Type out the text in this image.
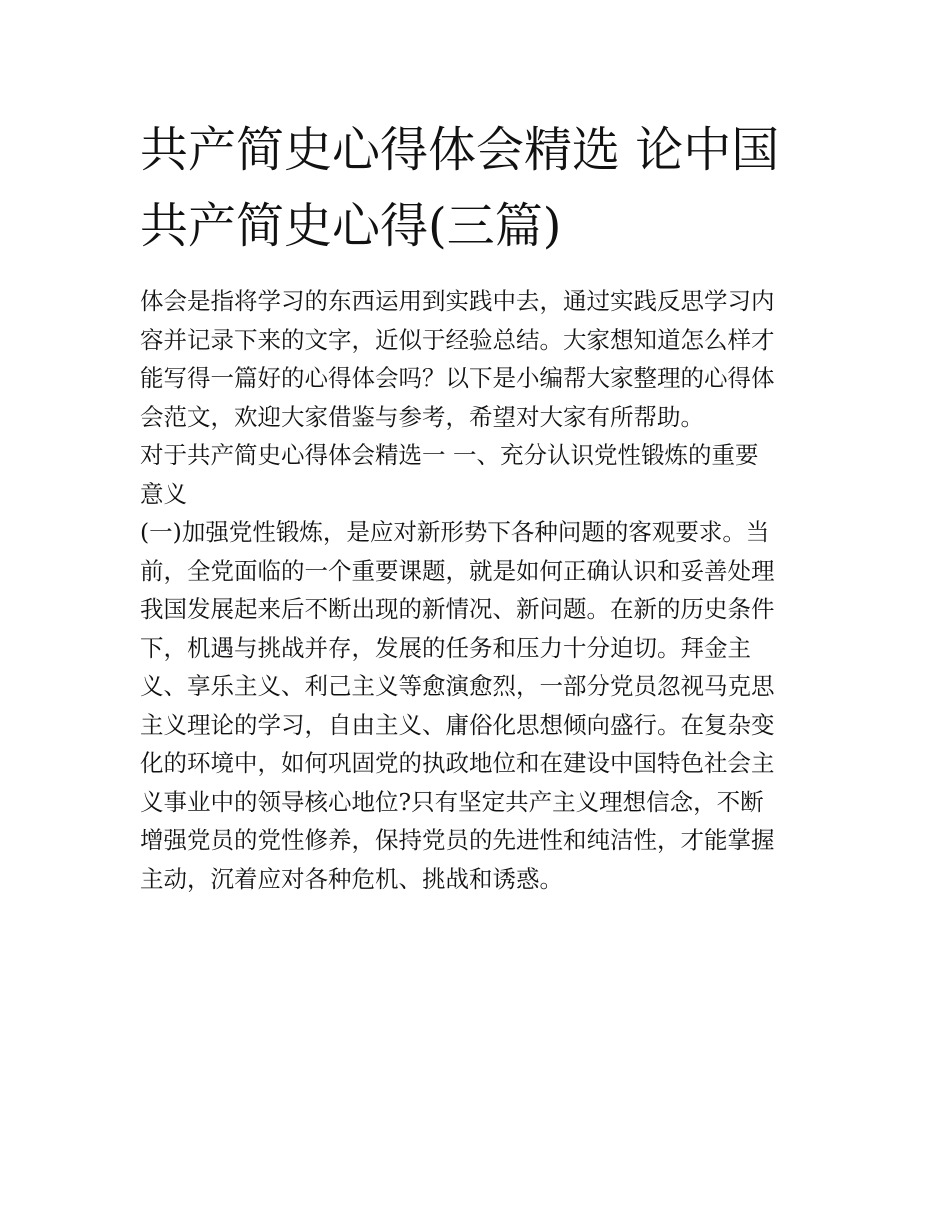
共产简史心得体会精选 论中国
共产简史心得(三篇)

体会是指将学习的东西运用到实践中去，通过实践反思学习内
容并记录下来的文字，近似于经验总结。大家想知道怎么样才
能写得一篇好的心得体会吗？以下是小编帮大家整理的心得体
会范文，欢迎大家借鉴与参考，希望对大家有所帮助。

对于共产简史心得体会精选一 一、充分认识党性锻炼的重要
意义

(一)加强党性锻炼，是应对新形势下各种问题的客观要求。当
前，全党面临的一个重要课题，就是如何正确认识和妥善处理
我国发展起来后不断出现的新情况、新问题。在新的历史条件
下，机遇与挑战并存，发展的任务和压力十分迫切。拜金主
义、享乐主义、利己主义等愈演愈烈，一部分党员忽视马克思
主义理论的学习，自由主义、庸俗化思想倾向盛行。在复杂变
化的环境中，如何巩固党的执政地位和在建设中国特色社会主
义事业中的领导核心地位?只有坚定共产主义理想信念，不断
增强党员的党性修养，保持党员的先进性和纯洁性，才能掌握
主动，沉着应对各种危机、挑战和诱惑。
